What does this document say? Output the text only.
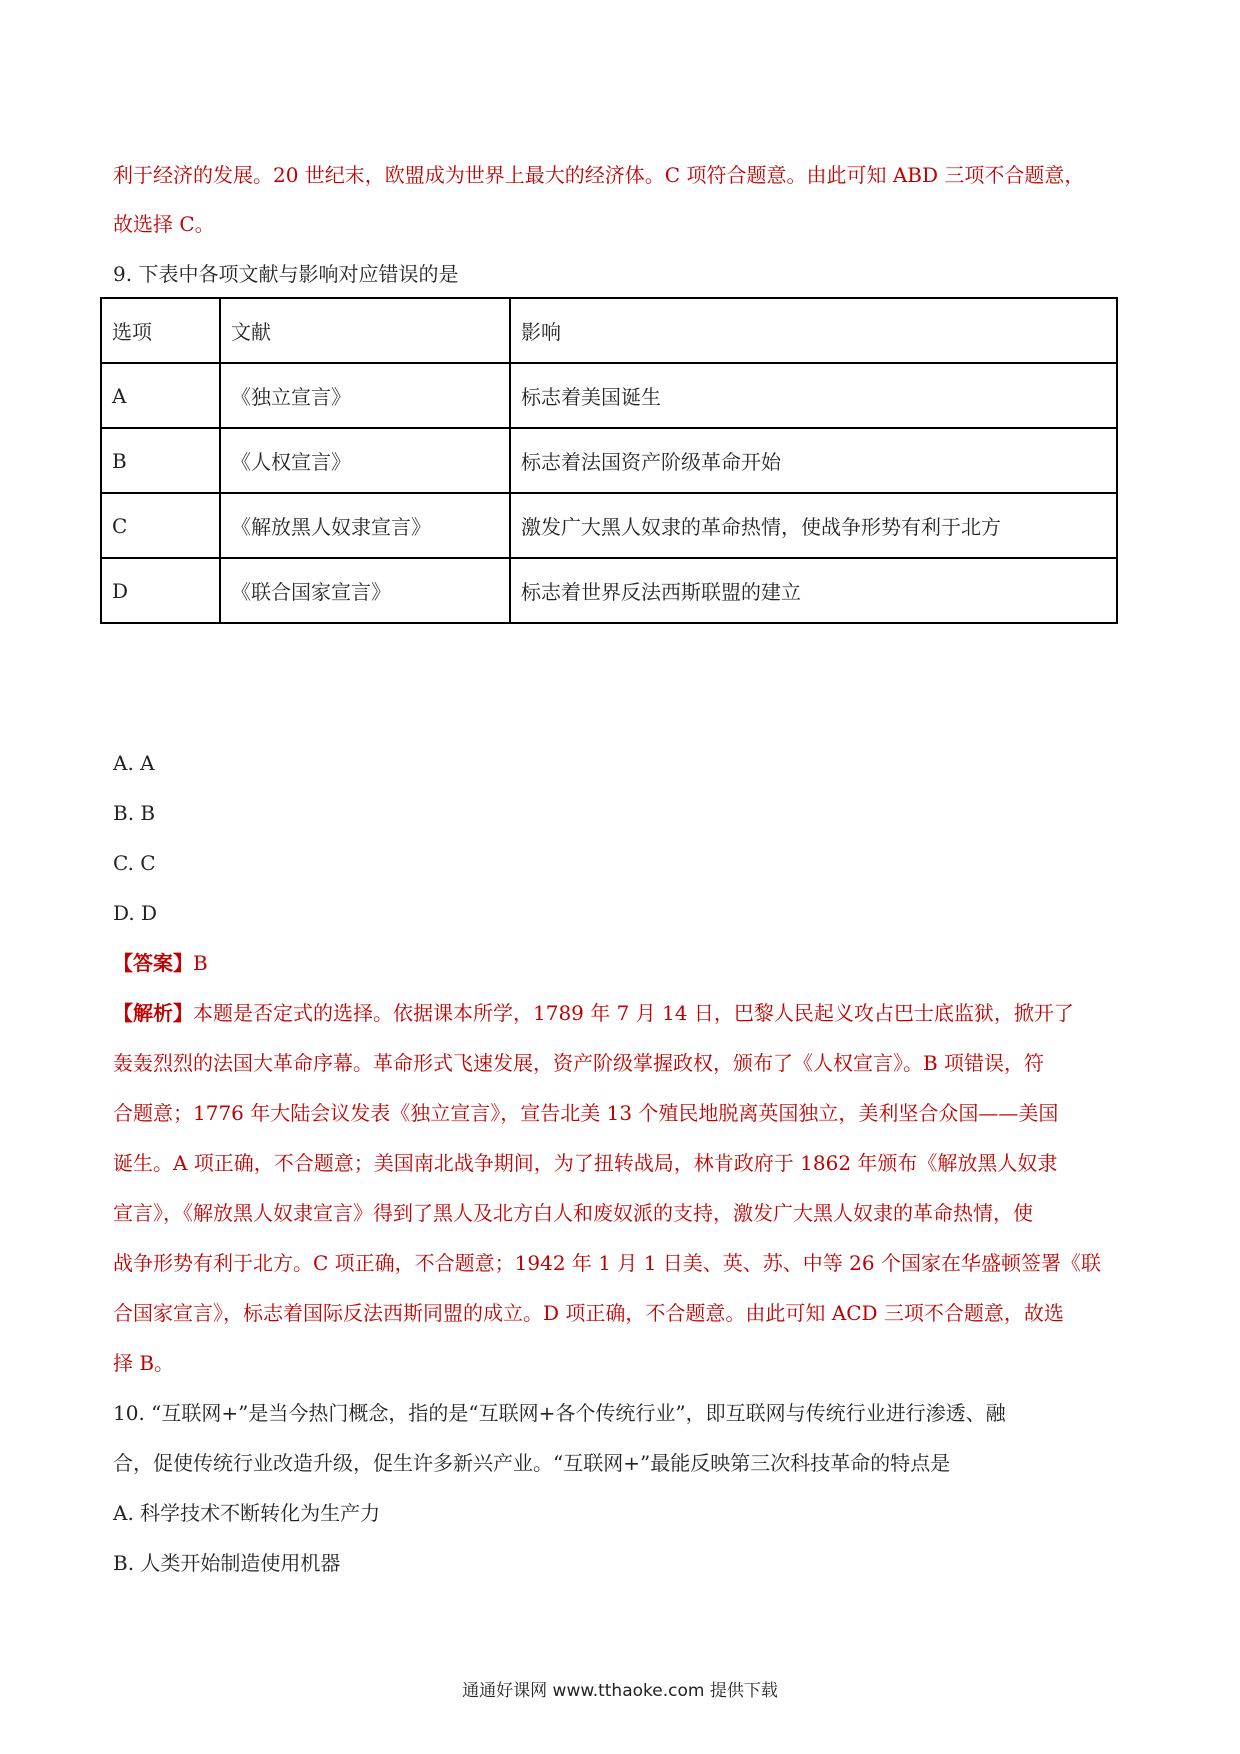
利于经济的发展。20 世纪末，欧盟成为世界上最大的经济体。C 项符合题意。由此可知 ABD 三项不合题意，
故选择 C。
9. 下表中各项文献与影响对应错误的是
选项	文献	影响
A	《独立宣言》	标志着美国诞生
B	《人权宣言》	标志着法国资产阶级革命开始
C	《解放黑人奴隶宣言》	激发广大黑人奴隶的革命热情，使战争形势有利于北方
D	《联合国家宣言》	标志着世界反法西斯联盟的建立
A. A
B. B
C. C
D. D
【答案】B
【解析】本题是否定式的选择。依据课本所学，1789 年 7 月 14 日，巴黎人民起义攻占巴士底监狱，掀开了
轰轰烈烈的法国大革命序幕。革命形式飞速发展，资产阶级掌握政权，颁布了《人权宣言》。B 项错误，符
合题意；1776 年大陆会议发表《独立宣言》，宣告北美 13 个殖民地脱离英国独立，美利坚合众国——美国
诞生。A 项正确，不合题意；美国南北战争期间，为了扭转战局，林肯政府于 1862 年颁布《解放黑人奴隶
宣言》，《解放黑人奴隶宣言》得到了黑人及北方白人和废奴派的支持，激发广大黑人奴隶的革命热情，使
战争形势有利于北方。C 项正确，不合题意；1942 年 1 月 1 日美、英、苏、中等 26 个国家在华盛顿签署《联
合国家宣言》，标志着国际反法西斯同盟的成立。D 项正确，不合题意。由此可知 ACD 三项不合题意，故选
择 B。
10. “互联网+”是当今热门概念，指的是“互联网+各个传统行业”，即互联网与传统行业进行渗透、融
合，促使传统行业改造升级，促生许多新兴产业。“互联网+”最能反映第三次科技革命的特点是
A. 科学技术不断转化为生产力
B. 人类开始制造使用机器
通通好课网 www.tthaoke.com 提供下载
